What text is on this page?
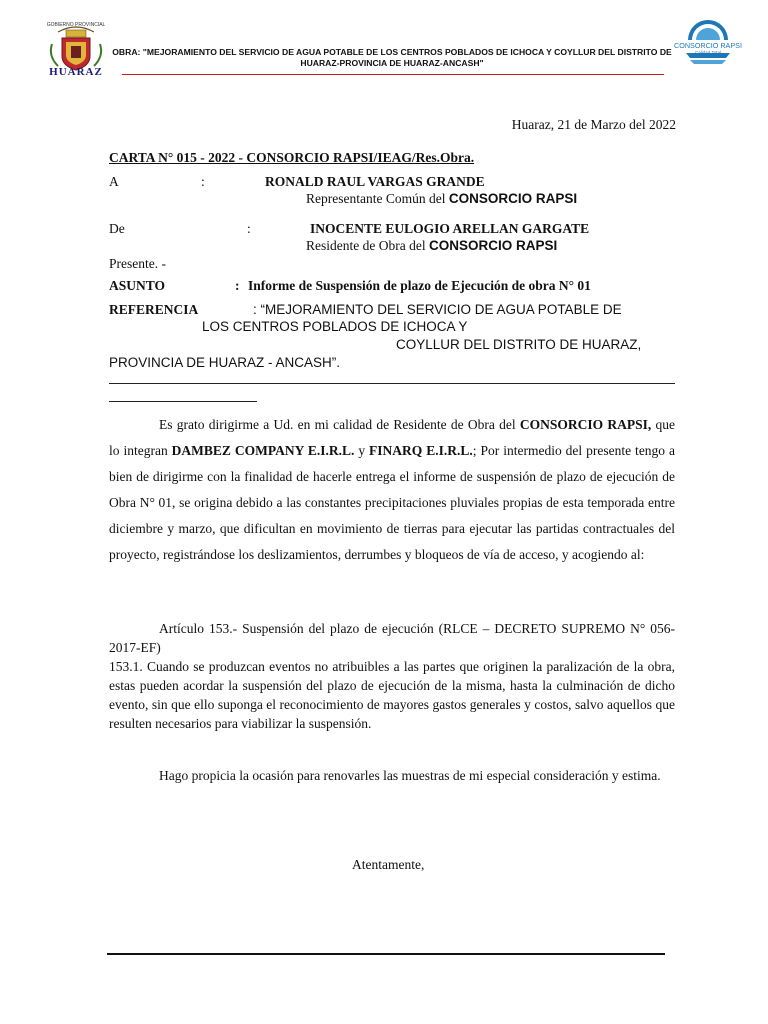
GOBIERNO PROVINCIAL
HUARAZ
OBRA: "MEJORAMIENTO DEL SERVICIO DE AGUA POTABLE DE LOS CENTROS POBLADOS DE ICHOCA Y COYLLUR DEL DISTRITO DE
HUARAZ-PROVINCIA DE HUARAZ-ANCASH"
CONSORCIO RAPSI
Calidad Total
Huaraz, 21 de Marzo del 2022
CARTA N° 015 - 2022 - CONSORCIO RAPSI/IEAG/Res.Obra.
A	:	RONALD RAUL VARGAS GRANDE
Representante Común del CONSORCIO RAPSI
De	:	INOCENTE EULOGIO ARELLAN GARGATE
Residente de Obra del CONSORCIO RAPSI
Presente. -
ASUNTO	: Informe de Suspensión de plazo de Ejecución de obra N° 01
REFERENCIA	: “MEJORAMIENTO DEL SERVICIO DE AGUA POTABLE DE
LOS CENTROS POBLADOS DE ICHOCA Y
COYLLUR DEL DISTRITO DE HUARAZ,
PROVINCIA DE HUARAZ - ANCASH”.

Es grato dirigirme a Ud. en mi calidad de Residente de Obra del CONSORCIO RAPSI, que lo integran DAMBEZ COMPANY E.I.R.L. y FINARQ E.I.R.L.; Por intermedio del presente tengo a bien de dirigirme con la finalidad de hacerle entrega el informe de suspensión de plazo de ejecución de Obra N° 01, se origina debido a las constantes precipitaciones pluviales propias de esta temporada entre diciembre y marzo, que dificultan en movimiento de tierras para ejecutar las partidas contractuales del proyecto, registrándose los deslizamientos, derrumbes y bloqueos de vía de acceso, y acogiendo al:

Artículo 153.- Suspensión del plazo de ejecución (RLCE – DECRETO SUPREMO N° 056-2017-EF)
153.1. Cuando se produzcan eventos no atribuibles a las partes que originen la paralización de la obra, estas pueden acordar la suspensión del plazo de ejecución de la misma, hasta la culminación de dicho evento, sin que ello suponga el reconocimiento de mayores gastos generales y costos, salvo aquellos que resulten necesarios para viabilizar la suspensión.

Hago propicia la ocasión para renovarles las muestras de mi especial consideración y estima.

Atentamente,
